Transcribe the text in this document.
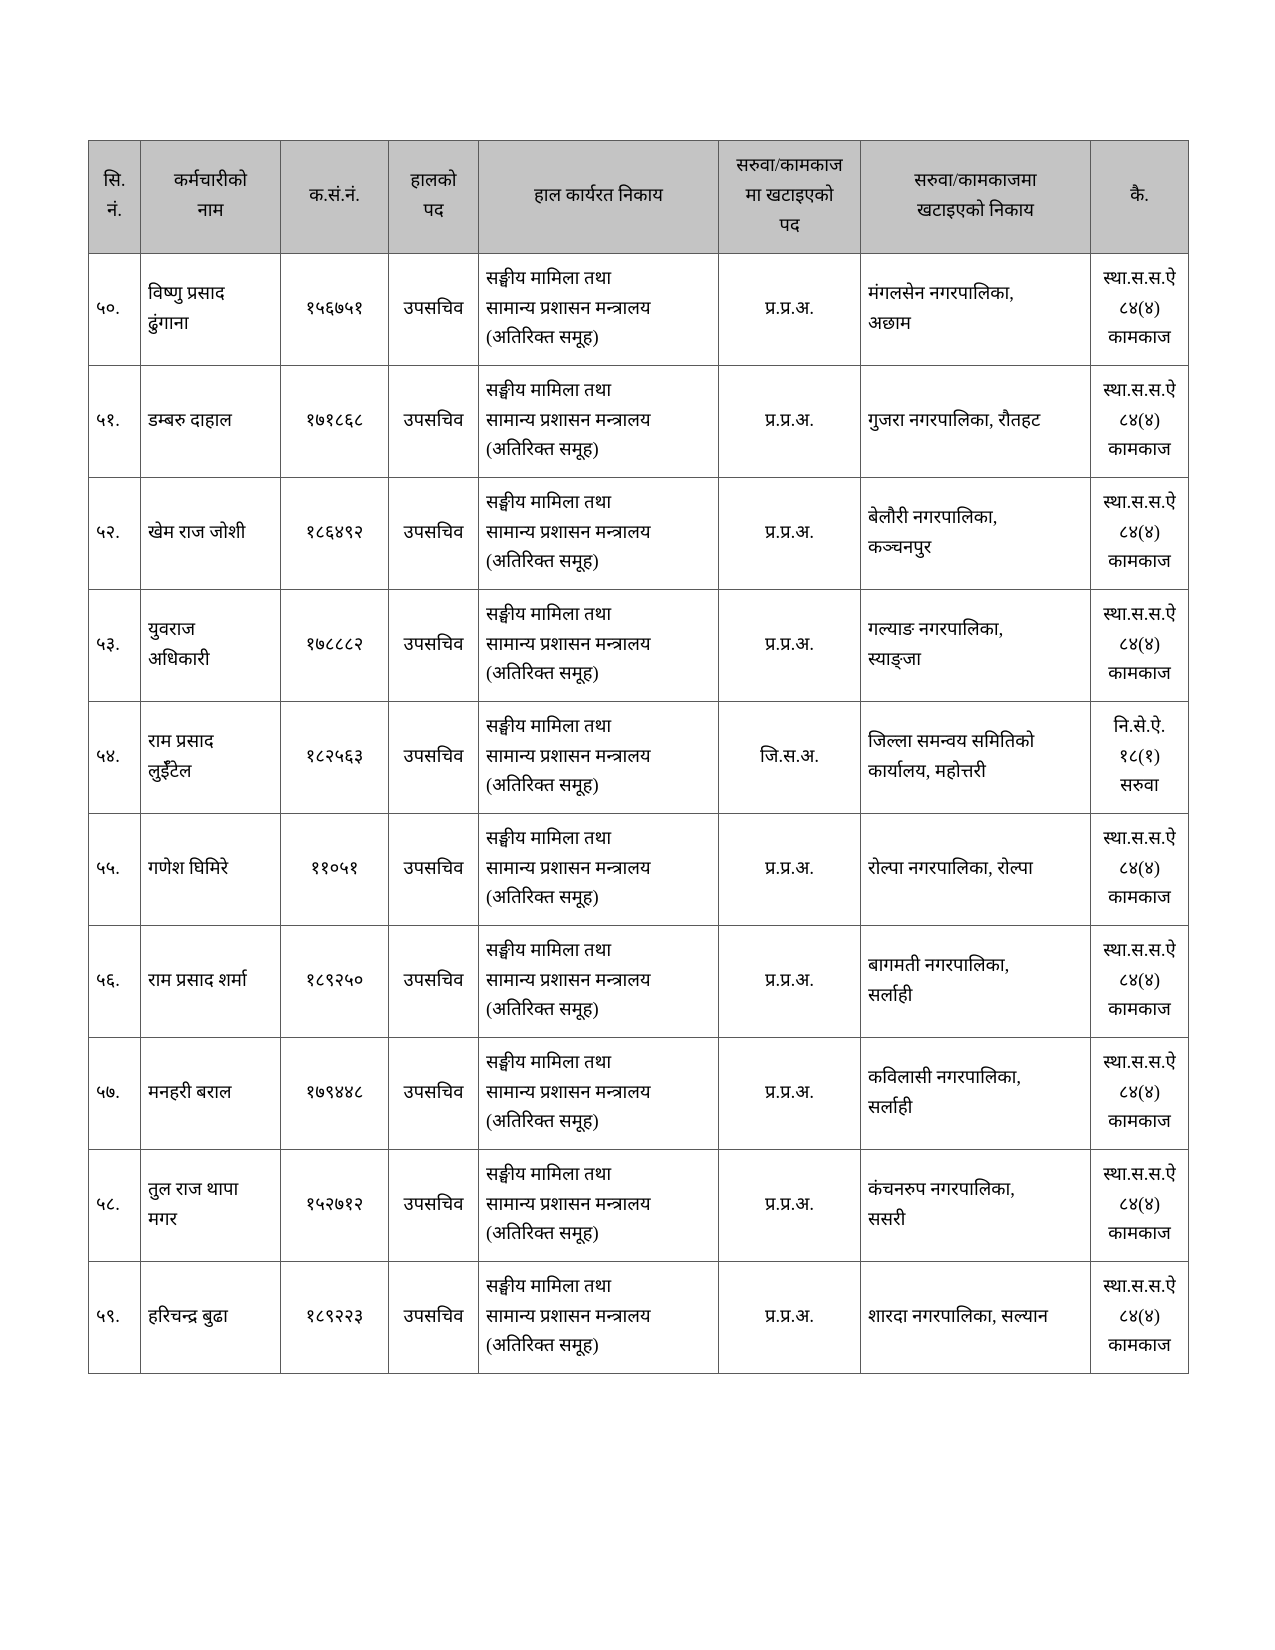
सि.
नं.	कर्मचारीको
नाम	क.सं.नं.	हालको
पद	हाल कार्यरत निकाय	सरुवा/कामकाज
मा खटाइएको
पद	सरुवा/कामकाजमा
खटाइएको निकाय	कै.

५०.	विष्णु प्रसाद
ढुंगाना	१५६७५१	उपसचिव	सङ्घीय मामिला तथा
सामान्य प्रशासन मन्त्रालय
(अतिरिक्त समूह)	प्र.प्र.अ.	मंगलसेन नगरपालिका,
अछाम	स्था.स.स.ऐ
८४(४)
कामकाज

५१.	डम्बरु दाहाल	१७१८६८	उपसचिव	सङ्घीय मामिला तथा
सामान्य प्रशासन मन्त्रालय
(अतिरिक्त समूह)	प्र.प्र.अ.	गुजरा नगरपालिका, रौतहट	स्था.स.स.ऐ
८४(४)
कामकाज

५२.	खेम राज जोशी	१८६४९२	उपसचिव	सङ्घीय मामिला तथा
सामान्य प्रशासन मन्त्रालय
(अतिरिक्त समूह)	प्र.प्र.अ.	बेलौरी नगरपालिका,
कञ्चनपुर	स्था.स.स.ऐ
८४(४)
कामकाज

५३.	युवराज
अधिकारी	१७८८८२	उपसचिव	सङ्घीय मामिला तथा
सामान्य प्रशासन मन्त्रालय
(अतिरिक्त समूह)	प्र.प्र.अ.	गल्याङ नगरपालिका,
स्याङ्जा	स्था.स.स.ऐ
८४(४)
कामकाज

५४.	राम प्रसाद
लुईँटेल	१८२५६३	उपसचिव	सङ्घीय मामिला तथा
सामान्य प्रशासन मन्त्रालय
(अतिरिक्त समूह)	जि.स.अ.	जिल्ला समन्वय समितिको
कार्यालय, महोत्तरी	नि.से.ऐ.
१८(१)
सरुवा

५५.	गणेश घिमिरे	११०५१	उपसचिव	सङ्घीय मामिला तथा
सामान्य प्रशासन मन्त्रालय
(अतिरिक्त समूह)	प्र.प्र.अ.	रोल्पा नगरपालिका, रोल्पा	स्था.स.स.ऐ
८४(४)
कामकाज

५६.	राम प्रसाद शर्मा	१८९२५०	उपसचिव	सङ्घीय मामिला तथा
सामान्य प्रशासन मन्त्रालय
(अतिरिक्त समूह)	प्र.प्र.अ.	बागमती नगरपालिका,
सर्लाही	स्था.स.स.ऐ
८४(४)
कामकाज

५७.	मनहरी बराल	१७९४४८	उपसचिव	सङ्घीय मामिला तथा
सामान्य प्रशासन मन्त्रालय
(अतिरिक्त समूह)	प्र.प्र.अ.	कविलासी नगरपालिका,
सर्लाही	स्था.स.स.ऐ
८४(४)
कामकाज

५८.	तुल राज थापा
मगर	१५२७१२	उपसचिव	सङ्घीय मामिला तथा
सामान्य प्रशासन मन्त्रालय
(अतिरिक्त समूह)	प्र.प्र.अ.	कंचनरुप नगरपालिका,
ससरी	स्था.स.स.ऐ
८४(४)
कामकाज

५९.	हरिचन्द्र बुढा	१८९२२३	उपसचिव	सङ्घीय मामिला तथा
सामान्य प्रशासन मन्त्रालय
(अतिरिक्त समूह)	प्र.प्र.अ.	शारदा नगरपालिका, सल्यान	स्था.स.स.ऐ
८४(४)
कामकाज
